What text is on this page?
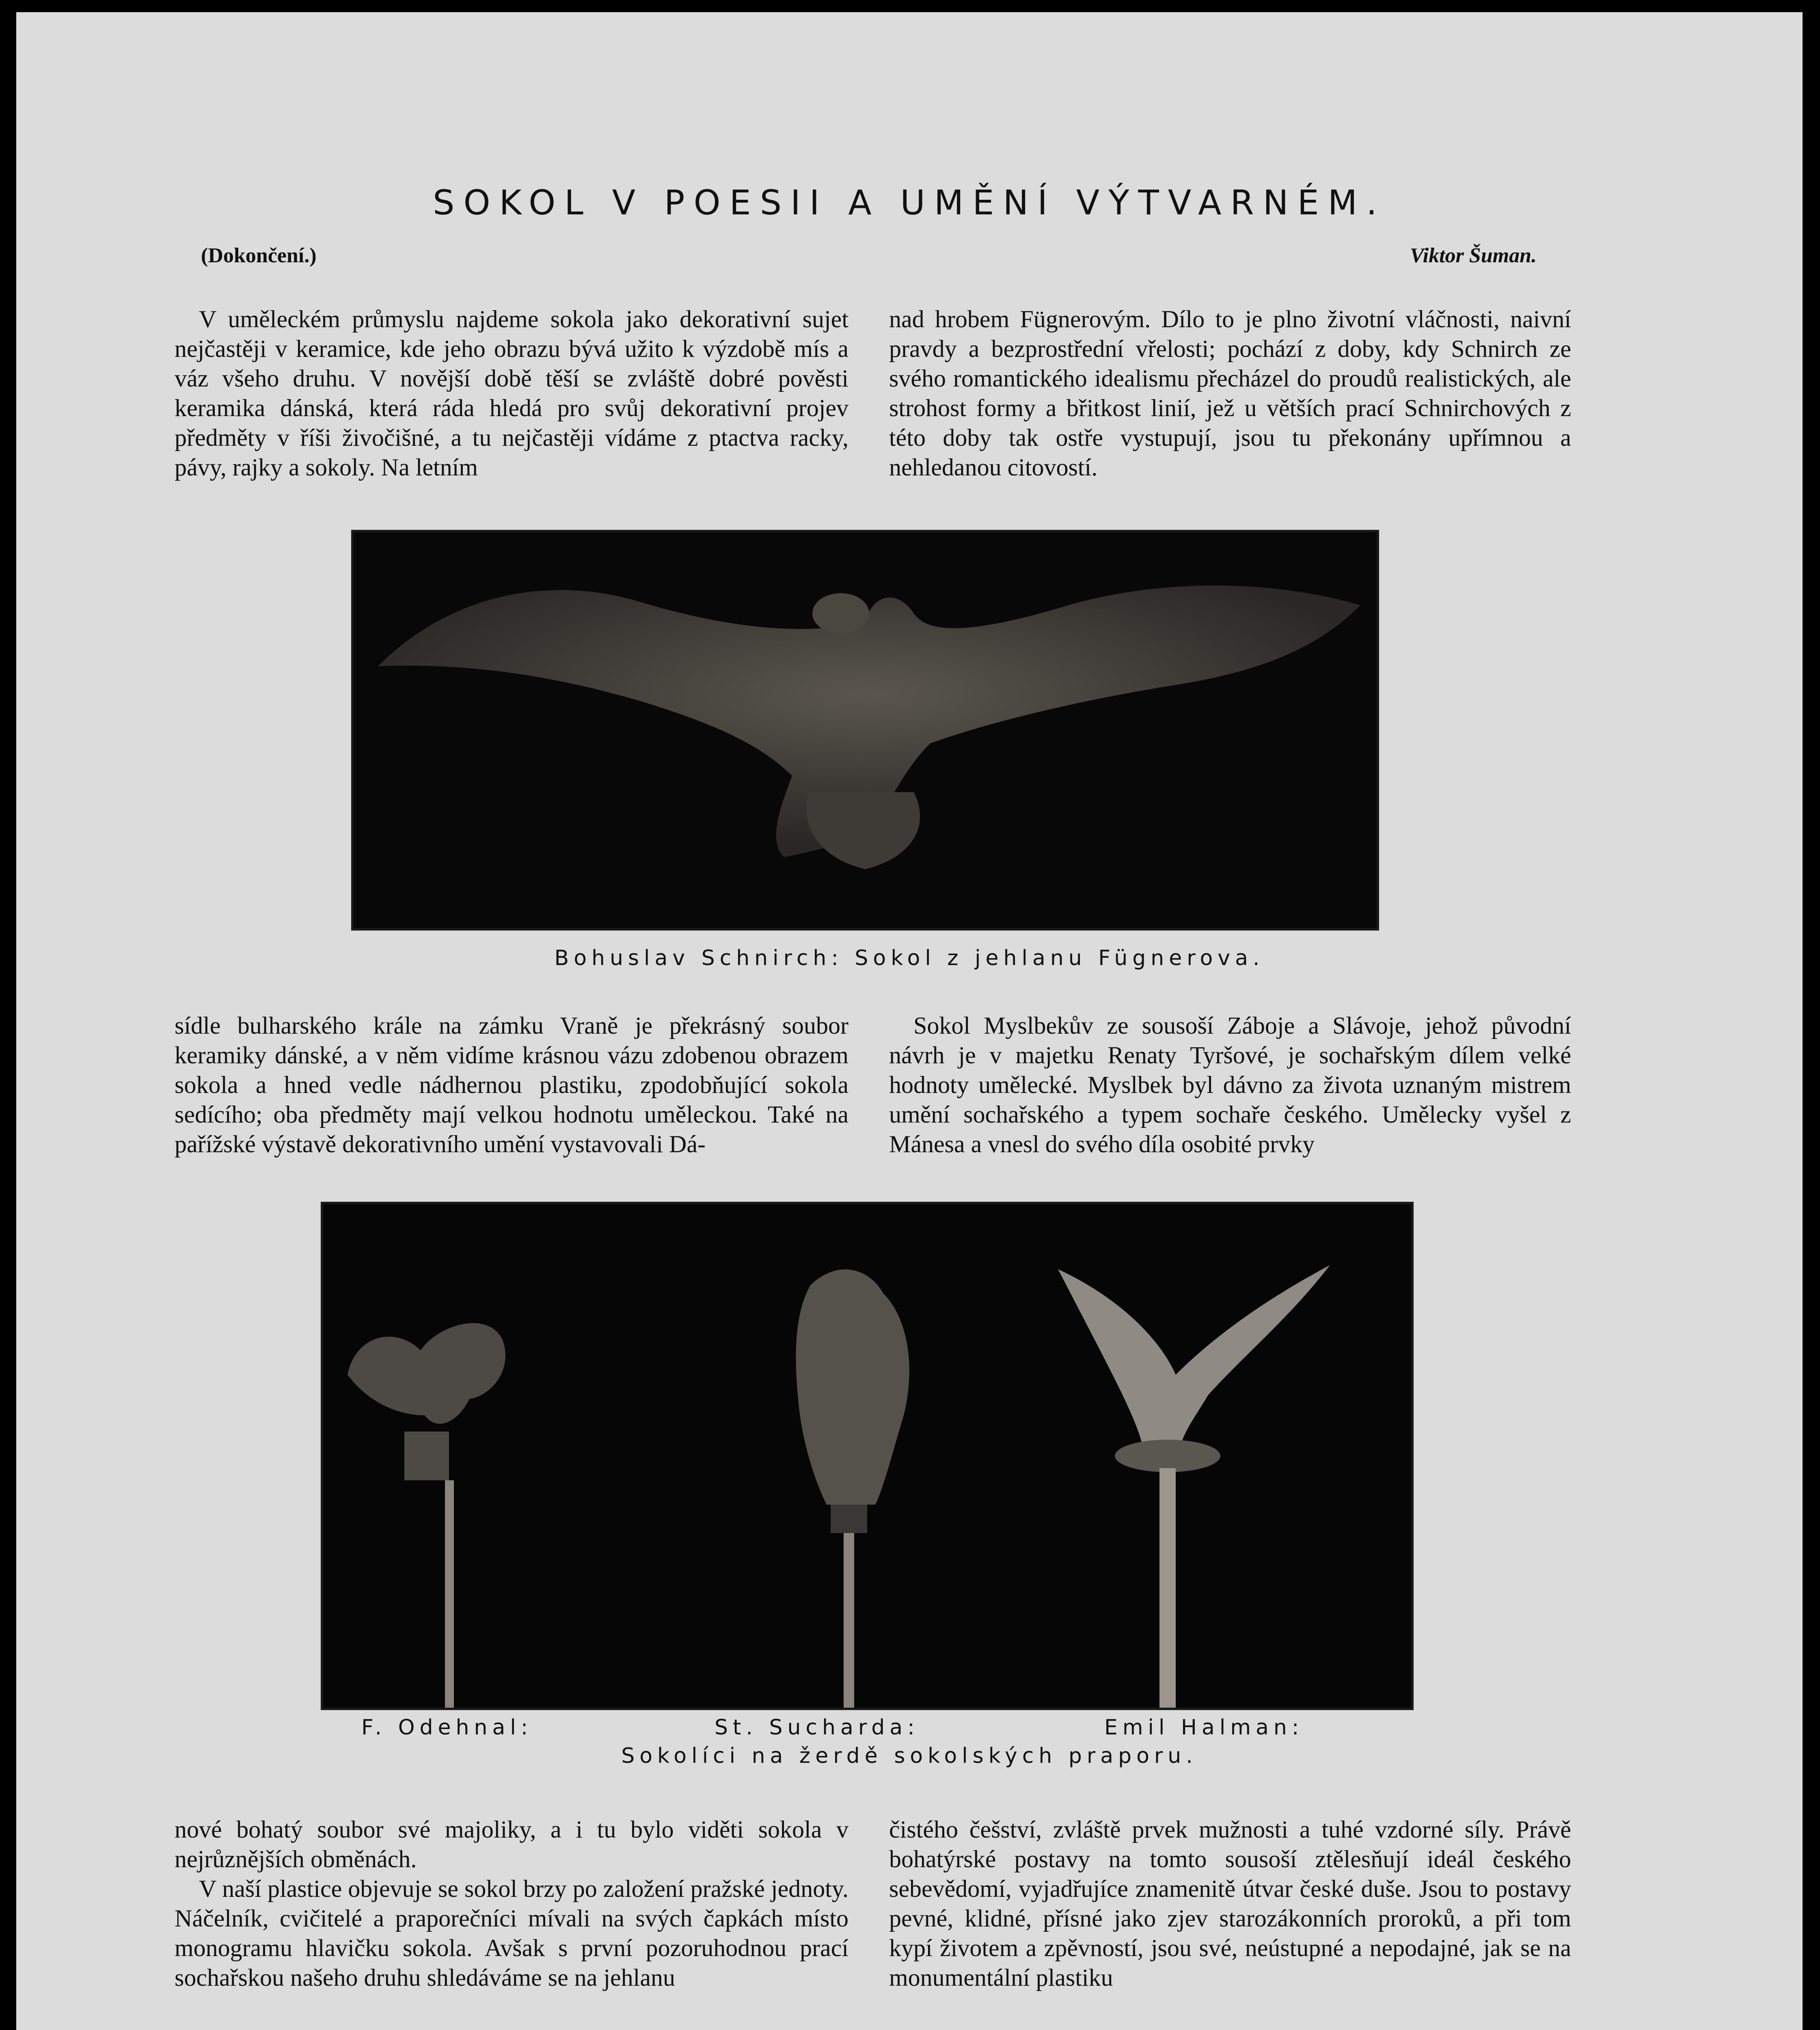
SOKOL V POESII A UMĚNÍ VÝTVARNÉM.
(Dokončení.)	Viktor Šuman.

V uměleckém průmyslu najdeme sokola jako dekorativní sujet nejčastěji v keramice, kde jeho obrazu bývá užito k výzdobě mís a váz všeho druhu. V novější době těší se zvláště dobré pověsti keramika dánská, která ráda hledá pro svůj dekorativní projev předměty v říši živočišné, a tu nejčastěji vídáme z ptactva racky, pávy, rajky a sokoly. Na letním

nad hrobem Fügnerovým. Dílo to je plno životní vláčnosti, naivní pravdy a bezprostřední vřelosti; pochází z doby, kdy Schnirch ze svého romantického idealismu přecházel do proudů realistických, ale strohost formy a břitkost linií, jež u větších prací Schnirchových z této doby tak ostře vystupují, jsou tu překonány upřímnou a nehledanou citovostí.

Bohuslav Schnirch: Sokol z jehlanu Fügnerova.

sídle bulharského krále na zámku Vraně je překrásný soubor keramiky dánské, a v něm vidíme krásnou vázu zdobenou obrazem sokola a hned vedle nádhernou plastiku, zpodobňující sokola sedícího; oba předměty mají velkou hodnotu uměleckou. Také na pařížské výstavě dekorativního umění vystavovali Dá-

Sokol Myslbekův ze sousoší Záboje a Slávoje, jehož původní návrh je v majetku Renaty Tyršové, je sochařským dílem velké hodnoty umělecké. Myslbek byl dávno za života uznaným mistrem umění sochařského a typem sochaře českého. Umělecky vyšel z Mánesa a vnesl do svého díla osobité prvky

F. Odehnal:	St. Sucharda:	Emil Halman:
Sokolíci na žerdě sokolských praporu.

nové bohatý soubor své majoliky, a i tu bylo viděti sokola v nejrůznějších obměnách.

V naší plastice objevuje se sokol brzy po založení pražské jednoty. Náčelník, cvičitelé a praporečníci mívali na svých čapkách místo monogramu hlavičku sokola. Avšak s první pozoruhodnou prací sochařskou našeho druhu shledáváme se na jehlanu

čistého češství, zvláště prvek mužnosti a tuhé vzdorné síly. Právě bohatýrské postavy na tomto sousoší ztělesňují ideál českého sebevědomí, vyjadřujíce znamenitě útvar české duše. Jsou to postavy pevné, klidné, přísné jako zjev starozákonních proroků, a při tom kypí životem a zpěvností, jsou své, neústupné a nepodajné, jak se na monumentální plastiku
